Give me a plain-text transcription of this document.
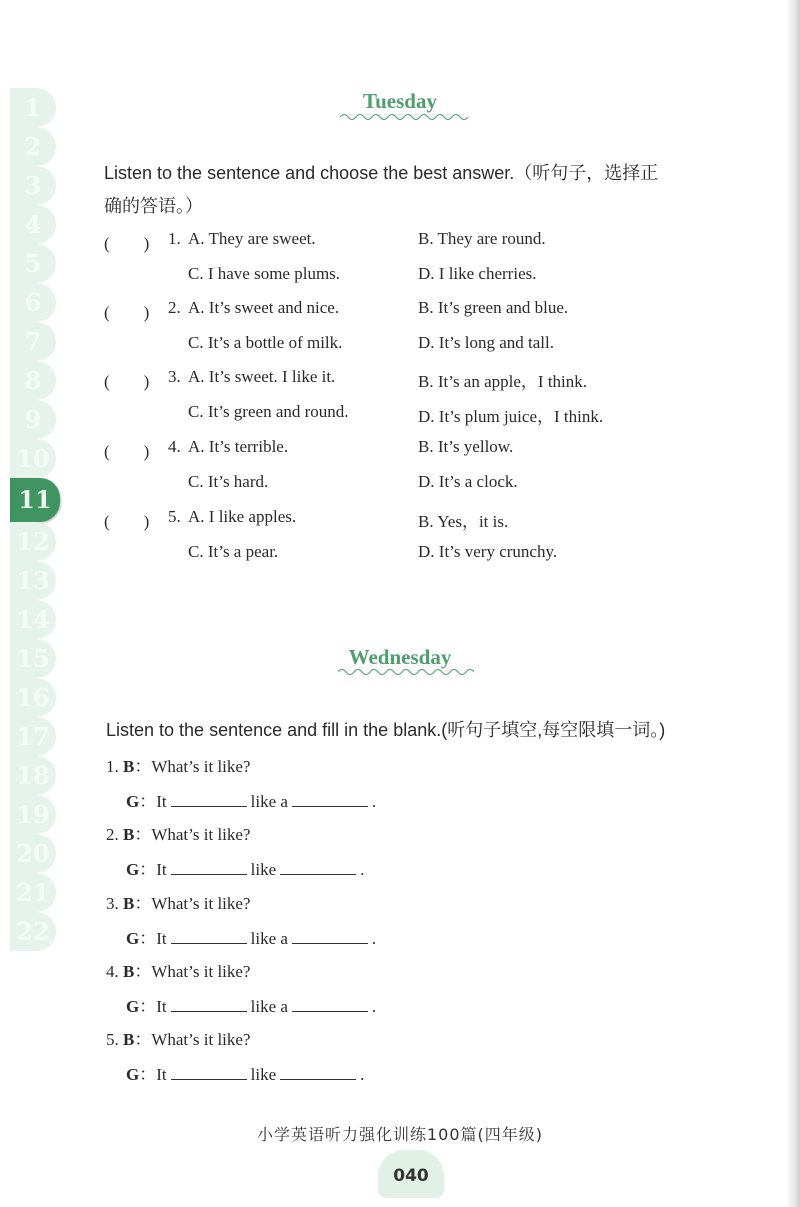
1
2
3
4
5
6
7
8
9
10
11
12
13
14
15
16
17
18
19
20
21
22
Tuesday
Listen to the sentence and choose the best answer.（听句子，选择正
确的答语。）
(　　) 1. A. They are sweet.	B. They are round.
C. I have some plums.	D. I like cherries.
(　　) 2. A. It’s sweet and nice.	B. It’s green and blue.
C. It’s a bottle of milk.	D. It’s long and tall.
(　　) 3. A. It’s sweet. I like it.	B. It’s an apple，I think.
C. It’s green and round.	D. It’s plum juice，I think.
(　　) 4. A. It’s terrible.	B. It’s yellow.
C. It’s hard.	D. It’s a clock.
(　　) 5. A. I like apples.	B. Yes，it is.
C. It’s a pear.	D. It’s very crunchy.
Wednesday
Listen to the sentence and fill in the blank.(听句子填空,每空限填一词。)
1. B：What’s it like?
G：It	like a	.
2. B：What’s it like?
G：It	like	.
3. B：What’s it like?
G：It	like a	.
4. B：What’s it like?
G：It	like a	.
5. B：What’s it like?
G：It	like	.
小学英语听力强化训练100篇(四年级)
040
